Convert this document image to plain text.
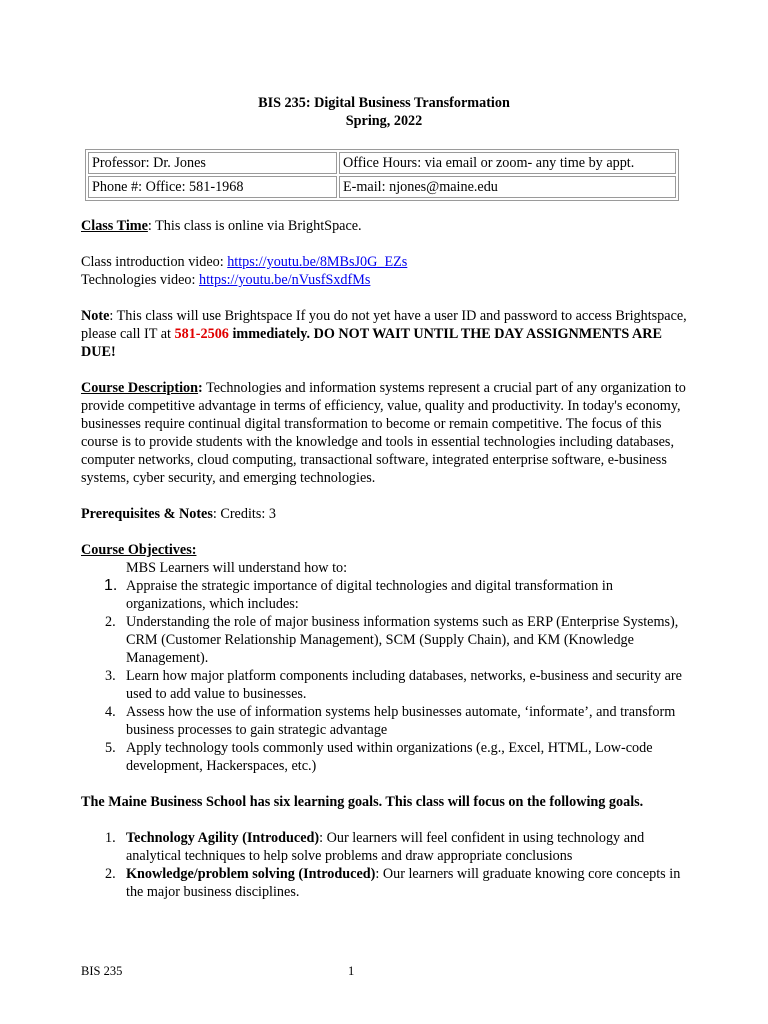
BIS 235: Digital Business Transformation

Spring, 2022

Professor: Dr. Jones	Office Hours: via email or zoom- any time by appt.
Phone #: Office: 581-1968	E-mail: njones@maine.edu

Class Time: This class is online via BrightSpace.

Class introduction video: https://youtu.be/8MBsJ0G_EZs

Technologies video: https://youtu.be/nVusfSxdfMs

Note: This class will use Brightspace If you do not yet have a user ID and password to access Brightspace, please call IT at 581-2506 immediately. DO NOT WAIT UNTIL THE DAY ASSIGNMENTS ARE DUE!

Course Description: Technologies and information systems represent a crucial part of any organization to provide competitive advantage in terms of efficiency, value, quality and productivity. In today's economy, businesses require continual digital transformation to become or remain competitive. The focus of this course is to provide students with the knowledge and tools in essential technologies including databases, computer networks, cloud computing, transactional software, integrated enterprise software, e-business systems, cyber security, and emerging technologies.

Prerequisites & Notes: Credits: 3

Course Objectives:

MBS Learners will understand how to:

1. Appraise the strategic importance of digital technologies and digital transformation in organizations, which includes:
2. Understanding the role of major business information systems such as ERP (Enterprise Systems), CRM (Customer Relationship Management), SCM (Supply Chain), and KM (Knowledge Management).
3. Learn how major platform components including databases, networks, e-business and security are used to add value to businesses.
4. Assess how the use of information systems help businesses automate, ‘informate’, and transform business processes to gain strategic advantage
5. Apply technology tools commonly used within organizations (e.g., Excel, HTML, Low-code development, Hackerspaces, etc.)

The Maine Business School has six learning goals. This class will focus on the following goals.

1. Technology Agility (Introduced): Our learners will feel confident in using technology and analytical techniques to help solve problems and draw appropriate conclusions
2. Knowledge/problem solving (Introduced): Our learners will graduate knowing core concepts in the major business disciplines.
BIS 235	1
